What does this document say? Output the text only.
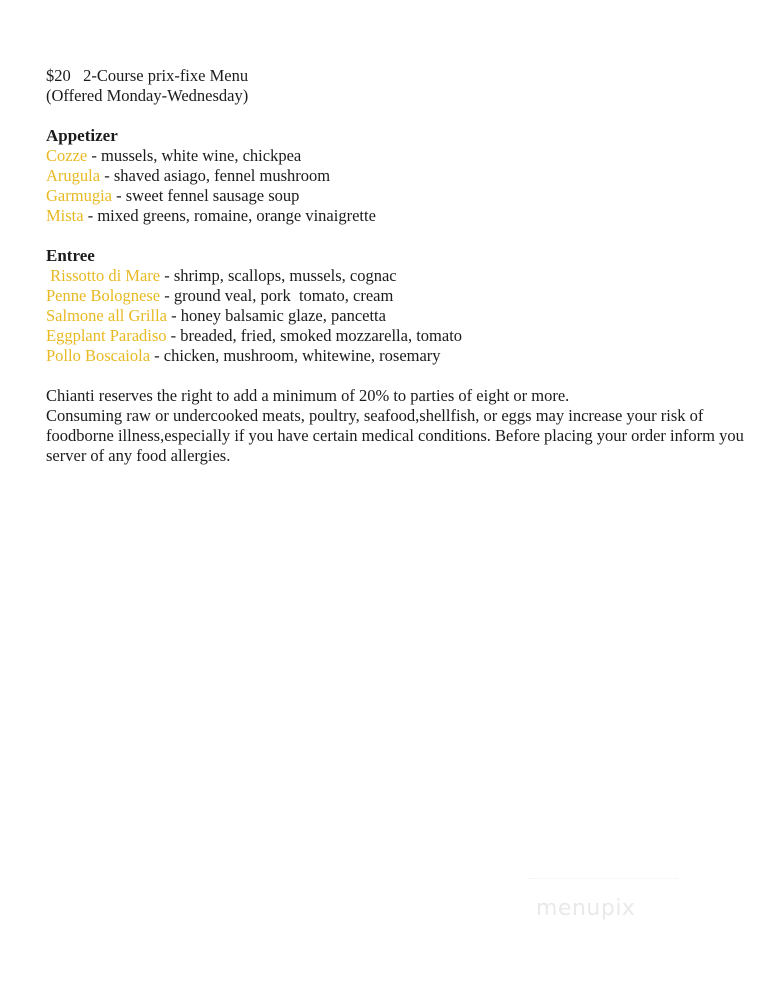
$20   2-Course prix-fixe Menu
(Offered Monday-Wednesday)
Appetizer
Cozze - mussels, white wine, chickpea
Arugula - shaved asiago, fennel mushroom
Garmugia - sweet fennel sausage soup
Mista - mixed greens, romaine, orange vinaigrette
Entree
Rissotto di Mare - shrimp, scallops, mussels, cognac
Penne Bolognese - ground veal, pork  tomato, cream
Salmone all Grilla - honey balsamic glaze, pancetta
Eggplant Paradiso - breaded, fried, smoked mozzarella, tomato
Pollo Boscaiola - chicken, mushroom, whitewine, rosemary

Chianti reserves the right to add a minimum of 20% to parties of eight or more.

Consuming raw or undercooked meats, poultry, seafood,shellfish, or eggs may increase your risk of foodborne illness,especially if you have certain medical conditions. Before placing your order inform you server of any food allergies.

menupix
